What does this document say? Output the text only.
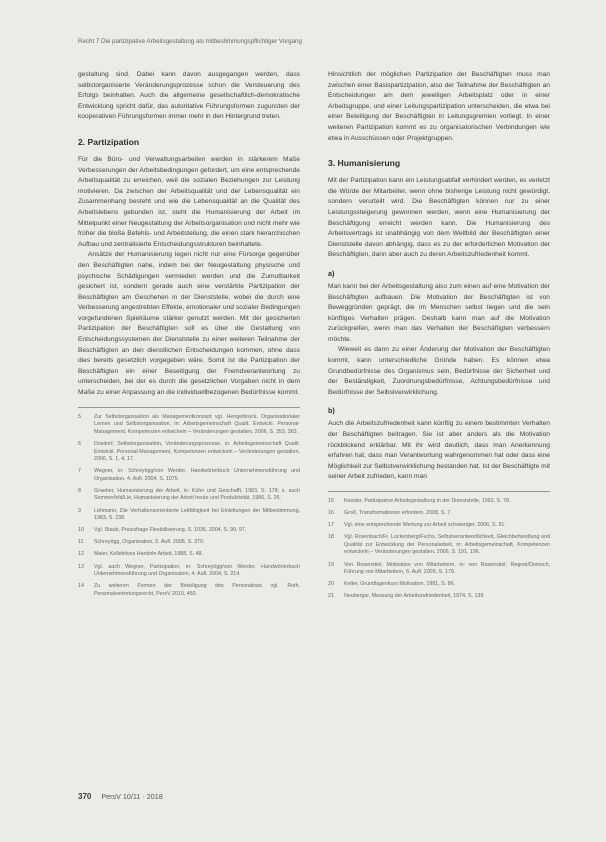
Recht 7 Die partizipative Arbeitsgestaltung als mitbestimmungspflichtiger Vorgang

gestaltung sind. Dabei kann davon ausgegangen werden, dass selbstorganisierte Veränderungsprozesse schon die Versteuerung des Erfolgs beinhalten. Auch die allgemeine gesellschaftlich-demokratische Entwicklung spricht dafür, das autoritative Führungsformen zugunsten der kooperativen Führungsformen immer mehr in den Hintergrund treten.

2. Partizipation

Für die Büro- und Verwaltungsarbeiten werden in stärkerem Maße Verbesserungen der Arbeitsbedingungen gefordert, um eine entsprechende Arbeitsqualität zu erreichen, weil die sozialen Beziehungen zur Leistung motivieren. Da zwischen der Arbeitsqualität und der Lebensqualität ein Zusammenhang besteht und wie die Lebensqualität an die Qualität des Arbeitslebens gebunden ist, steht die Humanisierung der Arbeit im Mittelpunkt einer Neugestaltung der Arbeitsorganisation und nicht mehr wie früher die bloße Befehls- und Arbeitsteilung, die einen stark hierarchischen Aufbau und zentralisierte Entscheidungsstrukturen beinhaltete.

Ansätze der Humanisierung legen nicht nur eine Fürsorge gegenüber den Beschäftigten nahe, indem bei der Neugestaltung physische und psychische Schädigungen vermieden werden und die Zumutbarkeit gesichert ist, sondern gerade auch eine verstärkte Partizipation der Beschäftigten am Geschehen in der Dienststelle, wobei die durch eine Verbesserung angestrebten Effekte, emotionaler und sozialer Bedingungen vorgefundenen Spielräume stärker genutzt werden. Mit der gesicherten Partizipation der Beschäftigten soll es über die Gestaltung von Entscheidungssystemen der Dienststelle zu einer weiteren Teilnahme der Beschäftigten an den dienstlichen Entscheidungen kommen, ohne dass dies bereits gesetzlich vorgegeben wäre. Somit ist die Partizipation der Beschäftigten ein einer Beseitigung der Fremdverantwortung zu unterscheiden, bei der es durch die gesetzlichen Vorgaben nicht in dem Maße zu einer Anpassung an die individuellbezogenen Bedürfnisse kommt.

5	Zur Selbstorganisation als Managementkonzept vgl. Hengelbrock, Organisationaler Lernen und Selbstorganisation, in: Arbeitsgemeinschaft Qualit. Entwickl. Personal-Management, Kompetenzen entwickeln – Veränderungen gestalten, 2006, S. 353, 363.
6	Dosdorf, Selbstorganisation, Veränderungsprozesse, in: Arbeitsgemeinschaft Qualit. Entwickl. Personal-Management, Kompetenzen entwickeln – Veränderungen gestalten, 2006, S. 1, 4, 17.
7	Wegner, in: Schreyögg/von Werder, Handwörterbuch Unternehmensführung und Organisation, 4. Aufl. 2004, S. 1075.
8	Graeber, Humanisierung der Arbeit, in: Kühn und Geschafft, 1983, S. 178; s. auch Sommerfeld/Lie, Humanisierung der Arbeit heute und Produktivität, 1986, S. 26.
9	Lehmann, Die Verhaltensorientierte Leitfähigkeit bei Einleitungen der Mitbestimmung, 1983, S. 238.
10	Vgl. Staub, Praxisfrage Flexibilisierung, S. 1036, 2004, S. 90, 97.
11	Schreyögg, Organisation, 5. Aufl. 2008, S. 370.
12	Maier, Kollektives Handeln Arbeit, 1988, S. 48.
13	Vgl. auch Wegner, Partizipation, in: Schreyögg/von Werder, Handwörterbuch Unternehmensführung und Organisation, 4. Aufl. 2004, S. 214.
14	Zu weiteren Formen der Beteiligung des Personalrats vgl. Roth, Personalvertretungsrecht, PersV 2010, 450.

Hinsichtlich der möglichen Partizipation der Beschäftigten muss man zwischen einer Basispartizipation, also der Teilnahme der Beschäftigten an Entscheidungen am dem jeweiligen Arbeitsplatz oder in einer Arbeitsgruppe, und einer Leitungspartizipation unterscheiden, die etwa bei einer Beteiligung der Beschäftigten in Leitungsgremien vorliegt. In einer weiteren Partizipation kommt es zu organisatorischen Verbindungen wie etwa in Ausschüssen oder Projektgruppen.

3. Humanisierung

Mit der Partizipation kann ein Leistungsabfall verhindert werden, es verletzt die Würde der Mitarbeiter, wenn ohne bisherige Leistung nicht gewürdigt, sondern verurteilt wird. Die Beschäftigten können nur zu einer Leistungssteigerung gewonnen werden, wenn eine Humanisierung der Beschäftigung erreicht werden kann. Die Humanisierung des Arbeitsvertrags ist unabhängig von dem Weltbild der Beschäftigten einer Dienststelle davon abhängig, dass es zu der erforderlichen Motivation der Beschäftigten, dann aber auch zu deren Arbeitszufriedenheit kommt.

a)

Man kann bei der Arbeitsgestaltung also zum einen auf eine Motivation der Beschäftigten aufbauen. Die Motivation der Beschäftigten ist von Beweggründen geprägt, die im Menschen selbst liegen und die sein künftiges Verhalten prägen. Deshalb kann man auf die Motivation zurückgreifen, wenn man das Verhalten der Beschäftigten verbessern möchte.

Wieweit es dann zu einer Änderung der Motivation der Beschäftigten kommt, kann unterschiedliche Gründe haben. Es können etwa Grundbedürfnisse des Organismus sein, Bedürfnisse der Sicherheit und der Beständigkeit, Zuordnungsbedürfnisse, Achtungsbedürfnisse und Bedürfnisse der Selbstverwirklichung.

b)

Auch die Arbeitszufriedenheit kann künftig zu einem bestimmten Verhalten der Beschäftigten beitragen. Sie ist aber anders als die Motivation rückblickend erklärbar. Mit ihr wird deutlich, dass man Anerkennung erfahren hat, dass man Verantwortung wahrgenommen hat oder dass eine Möglichkeit zur Selbstverwirklichung bestanden hat. Ist der Beschäftigte mit seiner Arbeit zufrieden, kann man

15	Kessler, Partizipative Arbeitsgestaltung in der Dienststelle, 1993, S. 78.
16	Groß, Transformationen erfordern, 2008, S. 7.
17	Vgl. eine entsprechende Wertung zur Arbeit schwieriger, 2006, S. 91.
18	Vgl. Rosenbach/Fr. Lockenberg/Fuchs, Selbstverantwortlichkeit, Gleichbehandlung und Qualität zur Entwicklung der Personalarbeit, in: Arbeitsgemeinschaft, Kompetenzen entwickeln – Veränderungen gestalten, 2006, S. 191, 196.
19	Von Rosenstiel, Motivation von Mitarbeitern, in: von Rosenstiel, Regnet/Domsch, Führung von Mitarbeitern, 6. Aufl. 2009, S. 179.
20	Keller, Grundlagenkurs Motivation, 1981, S. 86.
21	Neuberger, Messung der Arbeitszufriedenheit, 1974, S. 139.
370 PersV 10/11 · 2018
